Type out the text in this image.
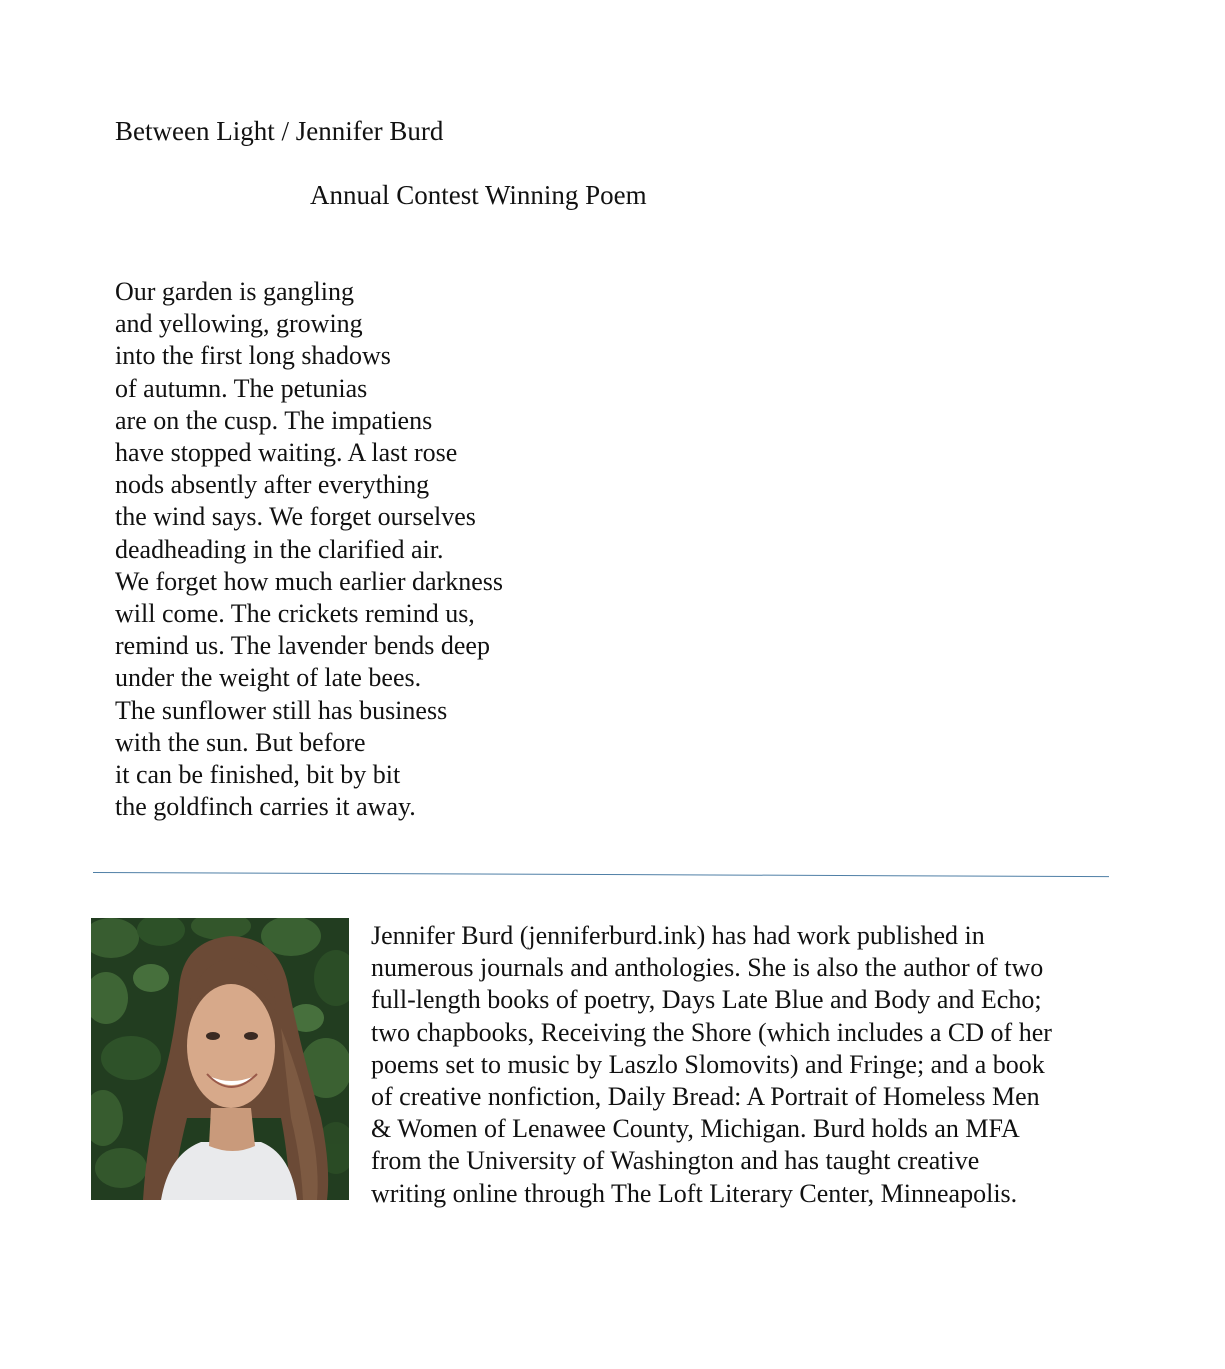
Between Light / Jennifer Burd
Annual Contest Winning Poem
Our garden is gangling
and yellowing, growing
into the first long shadows
of autumn. The petunias
are on the cusp. The impatiens
have stopped waiting. A last rose
nods absently after everything
the wind says. We forget ourselves
deadheading in the clarified air.
We forget how much earlier darkness
will come. The crickets remind us,
remind us. The lavender bends deep
under the weight of late bees.
The sunflower still has business
with the sun. But before
it can be finished, bit by bit
the goldfinch carries it away.
Jennifer Burd (jenniferburd.ink) has had work published in
numerous journals and anthologies. She is also the author of two
full-length books of poetry, Days Late Blue and Body and Echo;
two chapbooks, Receiving the Shore (which includes a CD of her
poems set to music by Laszlo Slomovits) and Fringe; and a book
of creative nonfiction, Daily Bread: A Portrait of Homeless Men
& Women of Lenawee County, Michigan. Burd holds an MFA
from the University of Washington and has taught creative
writing online through The Loft Literary Center, Minneapolis.
